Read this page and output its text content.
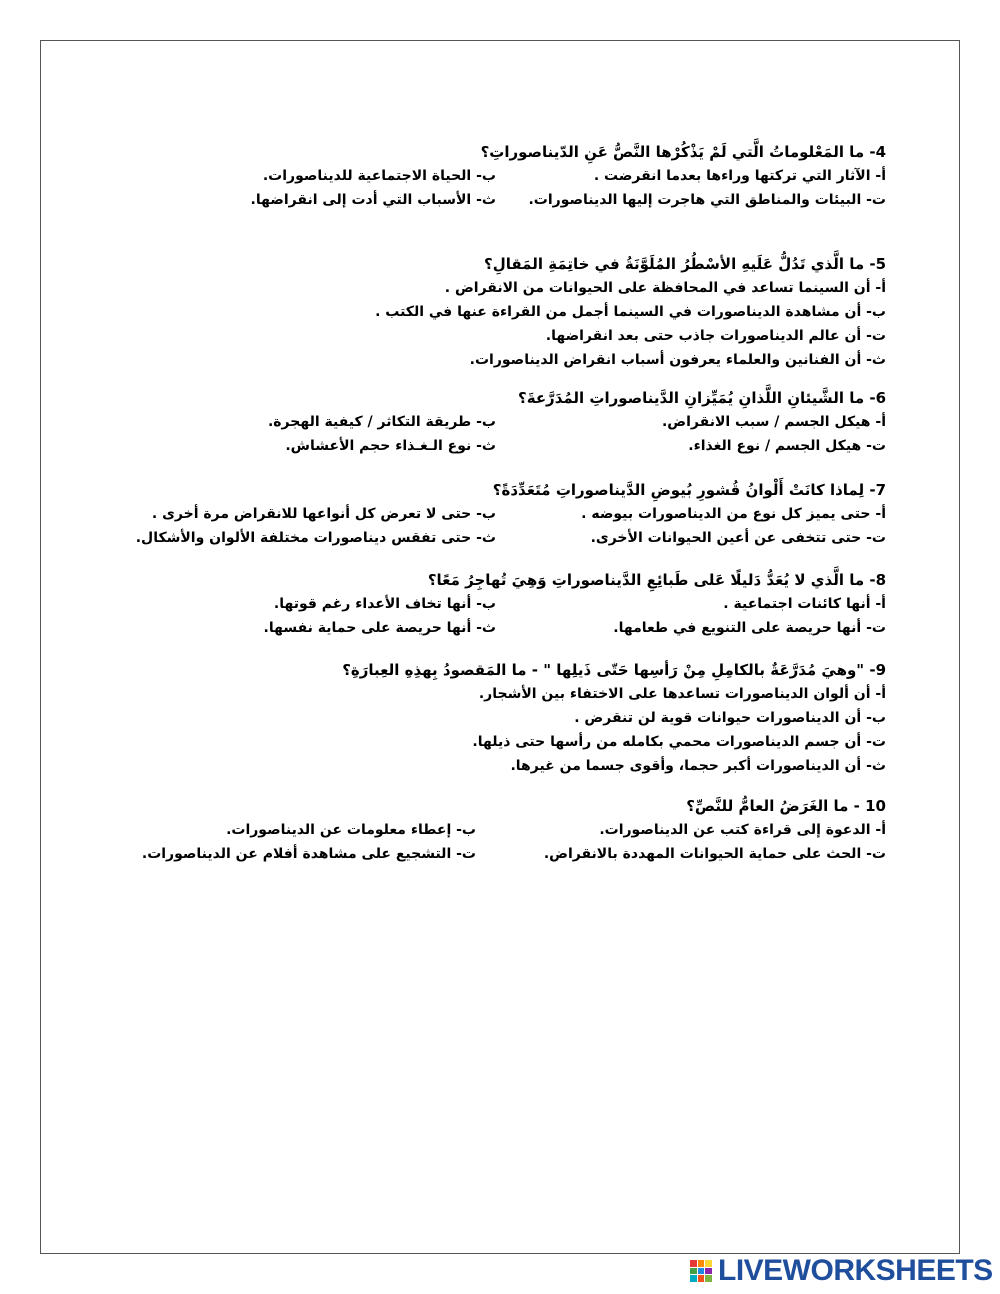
4- ما المَعْلوماتُ الَّتي لَمْ يَذْكُرْها النَّصُّ عَنِ الدّيناصوراتِ؟
أ- الآثار التي تركتها وراءها بعدما انقرضت .
ب- الحياة الاجتماعية للديناصورات.
ت- البيئات والمناطق التي هاجرت إليها الديناصورات.
ث- الأسباب التي أدت إلى انقراضها.
5- ما الَّذي تَدُلُّ عَلَيهِ الأسْطُرُ المُلَوَّنَةُ في خاتِمَةِ المَقالِ؟
أ- أن السينما تساعد في المحافظة على الحيوانات من الانقراض .
ب- أن مشاهدة الديناصورات في السينما أجمل من القراءة عنها في الكتب .
ت- أن عالم الديناصورات جاذب حتى بعد انقراضها.
ث- أن الفنانين والعلماء يعرفون أسباب انقراض الديناصورات.
6- ما الشَّيئانِ اللَّذانِ يُمَيِّزانِ الدَّيناصوراتِ المُدَرَّعةَ؟
أ- هيكل الجسم / سبب الانقراض.
ب- طريقة التكاثر / كيفية الهجرة.
ت- هيكل الجسم / نوع الغذاء.
ث- نوع الـغـذاء حجم الأعشاش.
7- لِماذا كانَتْ أَلْوانُ قُشورِ بُيوضِ الدَّيناصوراتِ مُتَعَدِّدَةً؟
أ- حتى يميز كل نوع من الديناصورات بيوضه .
ب- حتى لا تعرض كل أنواعها للانقراض مرة أخرى .
ت- حتى تتخفى عن أعين الحيوانات الأخرى.
ث- حتى تفقس ديناصورات مختلفة الألوان والأشكال.
8- ما الَّذي لا يُعَدُّ دَليلًا عَلى طَبائِعِ الدَّيناصوراتِ وَهِيَ تُهاجِرُ مَعًا؟
أ- أنها كائنات اجتماعية .
ب- أنها تخاف الأعداء رغم قوتها.
ت- أنها حريصة على التنويع في طعامها.
ث- أنها حريصة على حماية نفسها.
9- "وهيَ مُدَرَّعَةٌ بالكامِلِ مِنْ رَأسِها حَتّى ذَيلِها " - ما المَقصودُ بِهذِهِ العِبارَةِ؟
أ- أن ألوان الديناصورات تساعدها على الاختفاء بين الأشجار.
ب- أن الديناصورات حيوانات قوية لن تنقرض .
ت- أن جسم الديناصورات محمي بكامله من رأسها حتى ذيلها.
ث- أن الديناصورات أكبر حجما، وأقوى جسما من غيرها.
10 - ما الغَرَضُ العامُّ للنَّصِّ؟
أ- الدعوة إلى قراءة كتب عن الديناصورات.
ب- إعطاء معلومات عن الديناصورات.
ت- الحث على حماية الحيوانات المهددة بالانقراض.
ت- التشجيع على مشاهدة أفلام عن الديناصورات.
LIVEWORKSHEETS
